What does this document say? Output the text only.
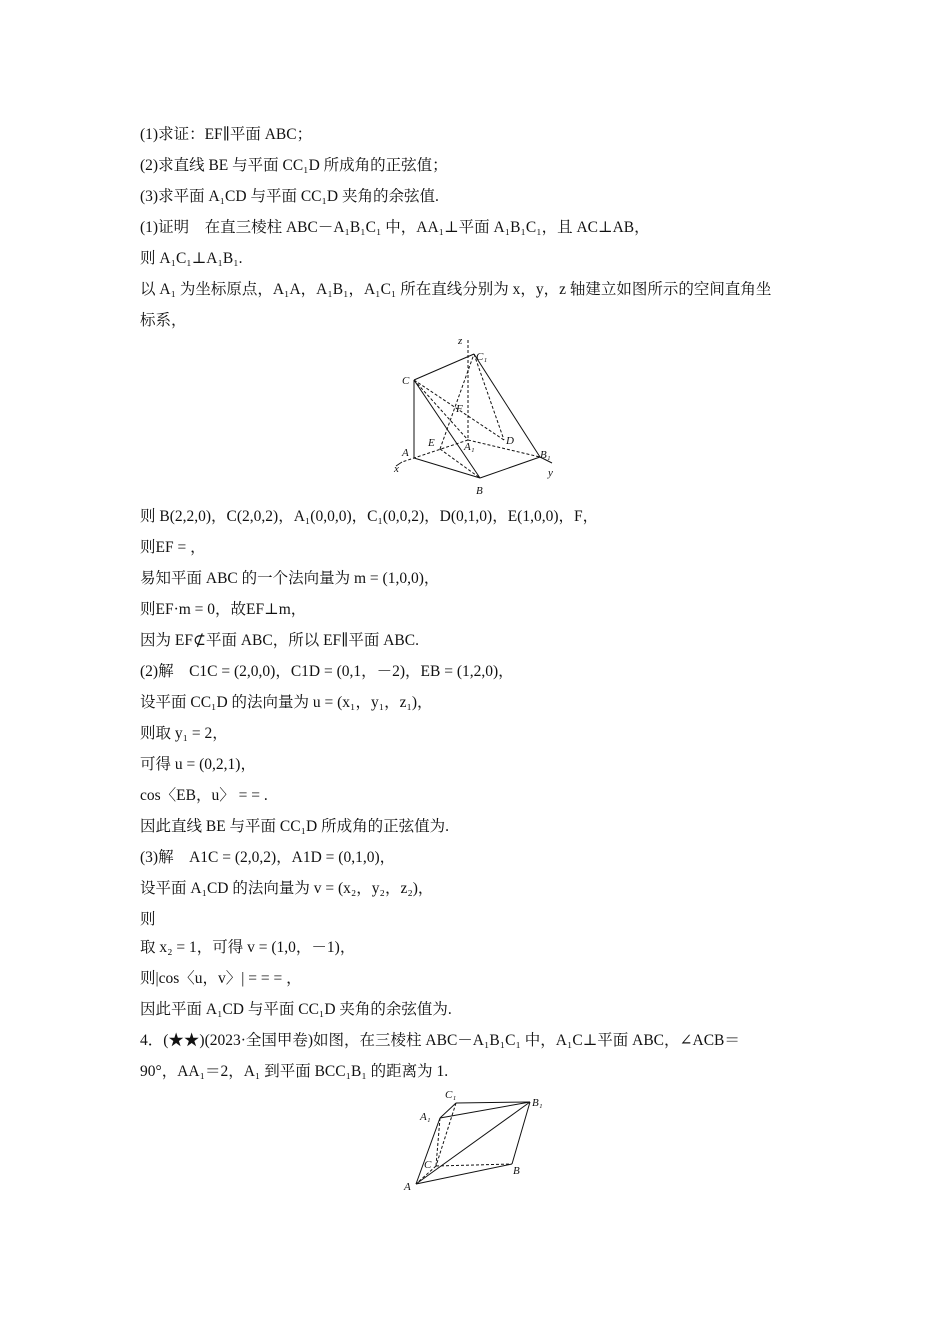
(1)求证：EF∥平面 ABC；
(2)求直线 BE 与平面 CC₁D 所成角的正弦值；
(3)求平面 A₁CD 与平面 CC₁D 夹角的余弦值.
(1)证明　在直三棱柱 ABC－A₁B₁C₁ 中，AA₁⊥平面 A₁B₁C₁，且 AC⊥AB，
则 A₁C₁⊥A₁B₁.
以 A₁ 为坐标原点，A₁A，A₁B₁，A₁C₁ 所在直线分别为 x，y，z 轴建立如图所示的空间直角坐
标系，
z
C₁
C
F
E	A₁	D
A
x
B₁
y
B
则 B(2,2,0)，C(2,0,2)，A₁(0,0,0)，C₁(0,0,2)，D(0,1,0)，E(1,0,0)，F，
则EF = ，
易知平面 ABC 的一个法向量为 m = (1,0,0)，
则EF·m = 0，故EF⊥m，
因为 EF⊄平面 ABC，所以 EF∥平面 ABC.
(2)解　C1C = (2,0,0)，C1D = (0,1，－2)，EB = (1,2,0)，
设平面 CC₁D 的法向量为 u = (x₁，y₁，z₁)，
则取 y₁ = 2，
可得 u = (0,2,1)，
cos〈EB，u〉 = = .
因此直线 BE 与平面 CC₁D 所成角的正弦值为.
(3)解　A1C = (2,0,2)，A1D = (0,1,0)，
设平面 A₁CD 的法向量为 v = (x₂，y₂，z₂)，
则
取 x₂ = 1，可得 v = (1,0，－1)，
则|cos〈u，v〉| = = = ，
因此平面 A₁CD 与平面 CC₁D 夹角的余弦值为.
4．(★★)(2023·全国甲卷)如图，在三棱柱 ABC－A₁B₁C₁ 中，A₁C⊥平面 ABC，∠ACB＝
90°，AA₁＝2，A₁ 到平面 BCC₁B₁ 的距离为 1.
C₁
B₁
A₁
C	B
A
